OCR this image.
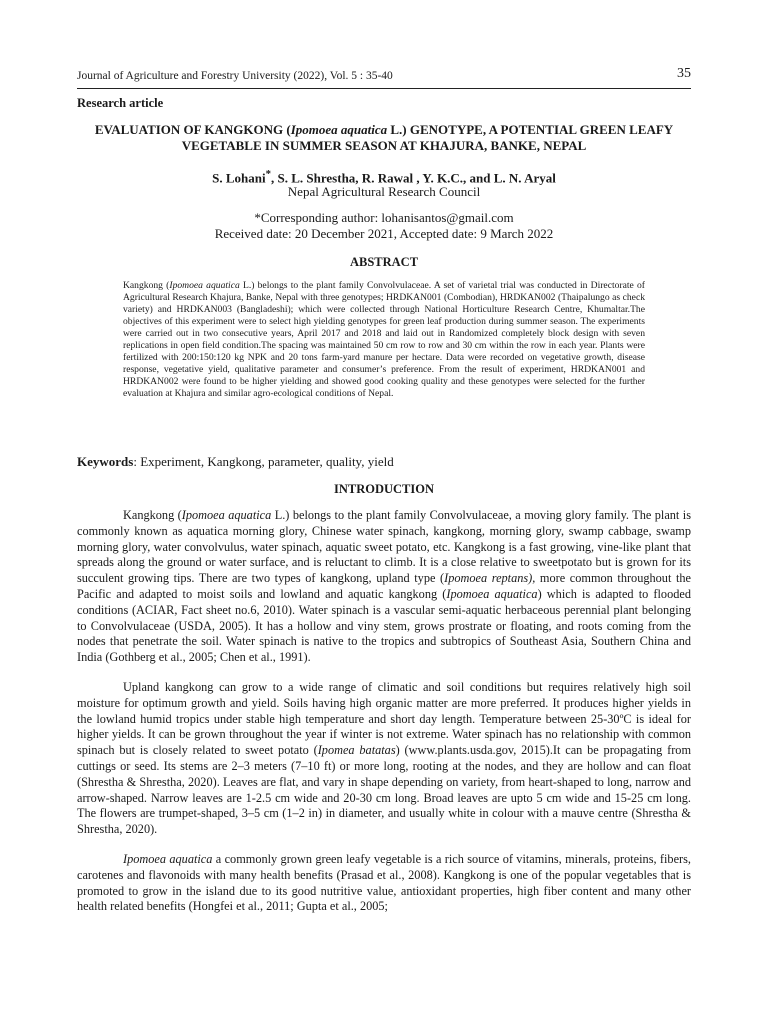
Journal of Agriculture and Forestry University (2022), Vol. 5 : 35-40	35
Research article
EVALUATION OF KANGKONG (Ipomoea aquatica L.) GENOTYPE, A POTENTIAL GREEN LEAFY VEGETABLE IN SUMMER SEASON AT KHAJURA, BANKE, NEPAL
S. Lohani*, S. L. Shrestha, R. Rawal , Y. K.C., and L. N. Aryal
Nepal Agricultural Research Council
*Corresponding author: lohanisantos@gmail.com
Received date: 20 December 2021, Accepted date: 9 March 2022
ABSTRACT

Kangkong (Ipomoea aquatica L.) belongs to the plant family Convolvulaceae. A set of varietal trial was conducted in Directorate of Agricultural Research Khajura, Banke, Nepal with three genotypes; HRDKAN001 (Combodian), HRDKAN002 (Thaipalungo as check variety) and HRDKAN003 (Bangladeshi); which were collected through National Horticulture Research Centre, Khumaltar.The objectives of this experiment were to select high yielding genotypes for green leaf production during summer season. The experiments were carried out in two consecutive years, April 2017 and 2018 and laid out in Randomized completely block design with seven replications in open field condition.The spacing was maintained 50 cm row to row and 30 cm within the row in each year. Plants were fertilized with 200:150:120 kg NPK and 20 tons farm-yard manure per hectare. Data were recorded on vegetative growth, disease response, vegetative yield, qualitative parameter and consumer’s preference. From the result of experiment, HRDKAN001 and HRDKAN002 were found to be higher yielding and showed good cooking quality and these genotypes were selected for the further evaluation at Khajura and similar agro-ecological conditions of Nepal.

Keywords: Experiment, Kangkong, parameter, quality, yield
INTRODUCTION

Kangkong (Ipomoea aquatica L.) belongs to the plant family Convolvulaceae, a moving glory family. The plant is commonly known as aquatica morning glory, Chinese water spinach, kangkong, morning glory, swamp cabbage, swamp morning glory, water convolvulus, water spinach, aquatic sweet potato, etc. Kangkong is a fast growing, vine-like plant that spreads along the ground or water surface, and is reluctant to climb. It is a close relative to sweetpotato but is grown for its succulent growing tips. There are two types of kangkong, upland type (Ipomoea reptans), more common throughout the Pacific and adapted to moist soils and lowland and aquatic kangkong (Ipomoea aquatica) which is adapted to flooded conditions (ACIAR, Fact sheet no.6, 2010). Water spinach is a vascular semi-aquatic herbaceous perennial plant belonging to Convolvulaceae (USDA, 2005). It has a hollow and viny stem, grows prostrate or floating, and roots coming from the nodes that penetrate the soil. Water spinach is native to the tropics and subtropics of Southeast Asia, Southern China and India (Gothberg et al., 2005; Chen et al., 1991).

Upland kangkong can grow to a wide range of climatic and soil conditions but requires relatively high soil moisture for optimum growth and yield. Soils having high organic matter are more preferred. It produces higher yields in the lowland humid tropics under stable high temperature and short day length. Temperature between 25-30ºC is ideal for higher yields. It can be grown throughout the year if winter is not extreme. Water spinach has no relationship with common spinach but is closely related to sweet potato (Ipomea batatas) (www.plants.usda.gov, 2015).It can be propagating from cuttings or seed. Its stems are 2–3 meters (7–10 ft) or more long, rooting at the nodes, and they are hollow and can float (Shrestha & Shrestha, 2020). Leaves are flat, and vary in shape depending on variety, from heart-shaped to long, narrow and arrow-shaped. Narrow leaves are 1-2.5 cm wide and 20-30 cm long. Broad leaves are upto 5 cm wide and 15-25 cm long. The flowers are trumpet-shaped, 3–5 cm (1–2 in) in diameter, and usually white in colour with a mauve centre (Shrestha & Shrestha, 2020).

Ipomoea aquatica a commonly grown green leafy vegetable is a rich source of vitamins, minerals, proteins, fibers, carotenes and flavonoids with many health benefits (Prasad et al., 2008). Kangkong is one of the popular vegetables that is promoted to grow in the island due to its good nutritive value, antioxidant properties, high fiber content and many other health related benefits (Hongfei et al., 2011; Gupta et al., 2005;
